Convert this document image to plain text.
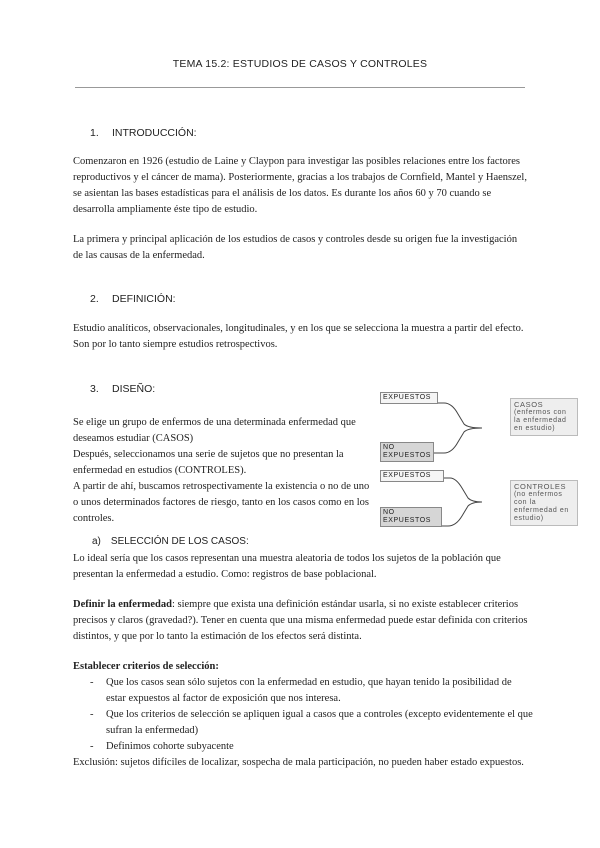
TEMA 15.2: ESTUDIOS DE CASOS Y CONTROLES
1. INTRODUCCIÓN:

Comenzaron en 1926 (estudio de Laine y Claypon para investigar las posibles relaciones entre los factores reproductivos y el cáncer de mama). Posteriormente, gracias a los trabajos de Cornfield, Mantel y Haenszel, se asientan las bases estadísticas para el análisis de los datos. Es durante los años 60 y 70 cuando se desarrolla ampliamente éste tipo de estudio.

La primera y principal aplicación de los estudios de casos y controles desde su origen fue la investigación de las causas de la enfermedad.

2. DEFINICIÓN:

Estudio analíticos, observacionales, longitudinales, y en los que se selecciona la muestra a partir del efecto. Son por lo tanto siempre estudios retrospectivos.

3. DISEÑO:

Se elige un grupo de enfermos de una determinada enfermedad que deseamos estudiar (CASOS)

Después, seleccionamos una serie de sujetos que no presentan la enfermedad en estudios (CONTROLES).

A partir de ahí, buscamos retrospectivamente la existencia o no de uno o unos determinados factores de riesgo, tanto en los casos como en los controles.

EXPUESTOS
NO EXPUESTOS
CASOS
(enfermos con la enfermedad en estudio)
EXPUESTOS
NO EXPUESTOS
CONTROLES
(no enfermos con la enfermedad en estudio)
a) SELECCIÓN DE LOS CASOS:

Lo ideal sería que los casos representan una muestra aleatoria de todos los sujetos de la población que presentan la enfermedad a estudio. Como: registros de base poblacional.

Definir la enfermedad: siempre que exista una definición estándar usarla, si no existe establecer criterios precisos y claros (gravedad?). Tener en cuenta que una misma enfermedad puede estar definida con criterios distintos, y que por lo tanto la estimación de los efectos será distinta.

Establecer criterios de selección:

- Que los casos sean sólo sujetos con la enfermedad en estudio, que hayan tenido la posibilidad de estar expuestos al factor de exposición que nos interesa.
- Que los criterios de selección se apliquen igual a casos que a controles (excepto evidentemente el que sufran la enfermedad)
- Definimos cohorte subyacente

Exclusión: sujetos difíciles de localizar, sospecha de mala participación, no pueden haber estado expuestos.
